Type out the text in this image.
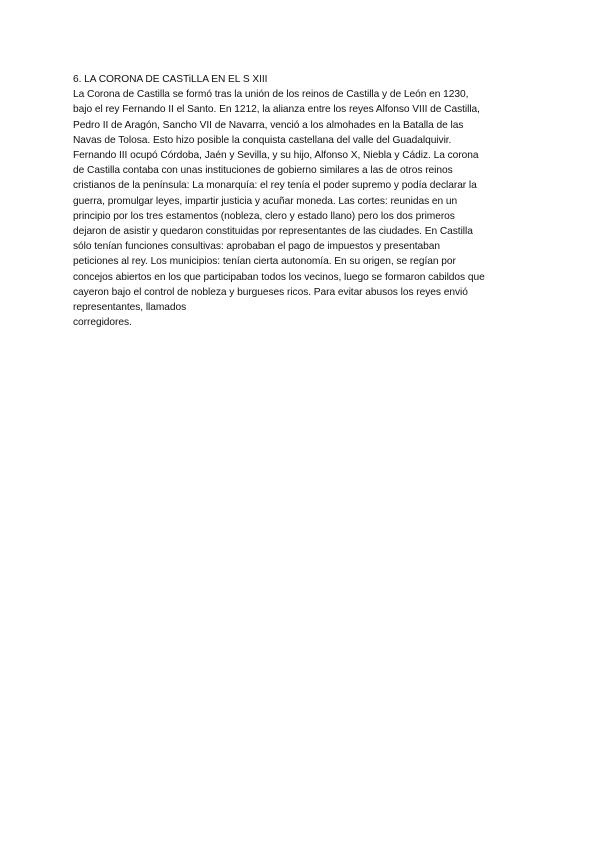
6. LA CORONA DE CASTiLLA EN EL S XIII
La Corona de Castilla se formó tras la unión de los reinos de Castilla y de León en 1230,
bajo el rey Fernando II el Santo. En 1212, la alianza entre los reyes Alfonso VIII de Castilla,
Pedro II de Aragón, Sancho VII de Navarra, venció a los almohades en la Batalla de las
Navas de Tolosa. Esto hizo posible la conquista castellana del valle del Guadalquivir.
Fernando III ocupó Córdoba, Jaén y Sevilla, y su hijo, Alfonso X, Niebla y Cádiz. La corona
de Castilla contaba con unas instituciones de gobierno similares a las de otros reinos
cristianos de la península: La monarquía: el rey tenía el poder supremo y podía declarar la
guerra, promulgar leyes, impartir justicia y acuñar moneda. Las cortes: reunidas en un
principio por los tres estamentos (nobleza, clero y estado llano) pero los dos primeros
dejaron de asistir y quedaron constituidas por representantes de las ciudades. En Castilla
sólo tenían funciones consultivas: aprobaban el pago de impuestos y presentaban
peticiones al rey. Los municipios: tenían cierta autonomía. En su origen, se regían por
concejos abiertos en los que participaban todos los vecinos, luego se formaron cabildos que
cayeron bajo el control de nobleza y burgueses ricos. Para evitar abusos los reyes envió
representantes, llamados
corregidores.
